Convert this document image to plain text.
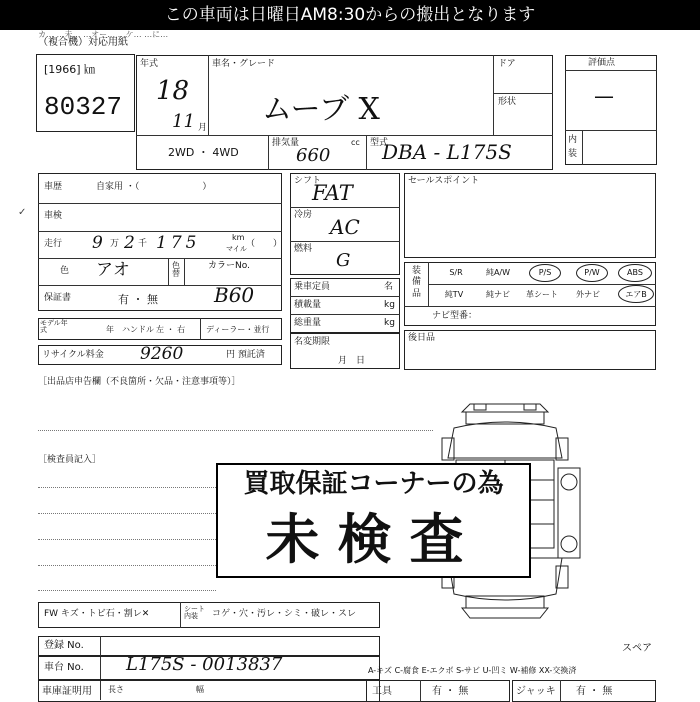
この車両は日曜日AM8:30からの搬出となります
カ… …未… …オー… …ケ… …に…
（複合機）対応用紙
[1966] ㎞
80327
年式
18
11 月
車名・グレード
ムーブ X
ドア
形状
2WD ・ 4WD
排気量
660
cc 型式
DBA - L175S
評価点
—
内装
車歴	自家用 ・（　　　　　　　）
車検
走行 9 万 2 千 175	km
マイル （　　）
色 アオ	色替
カラーNo.
B60
保証書	有 ・ 無
モデル年式	年 ハンドル 左 ・ 右	ディーラー・並行
リサイクル料金 9260	円 預託済
シフト
FAT
冷房 AC
燃料
G
乗車定員	名
積載量	kg
総重量	kg
名変期限
月　日
セールスポイント
装備品
S/R	純A/W	P/S	P/W	ABS
純TV	純ナビ	革シート	外ナビ	エアB
ナビ型番：
後日品
［出品店申告欄（不良箇所・欠品・注意事項等）］
［検査員記入］
買取保証コーナーの為
未検査
FW キズ・トビ石・割レ✕	シート内装	コゲ・穴・汚レ・シミ・破レ・スレ
登録 No.
車台 No. L175S - 0013837
車庫証明用 長さ	幅
スペア
A-キズ C-腐食 E-エクボ S-サビ U-凹ミ W-補修 XX-交換済
工具	有 ・ 無	ジャッキ 有 ・ 無
✓
